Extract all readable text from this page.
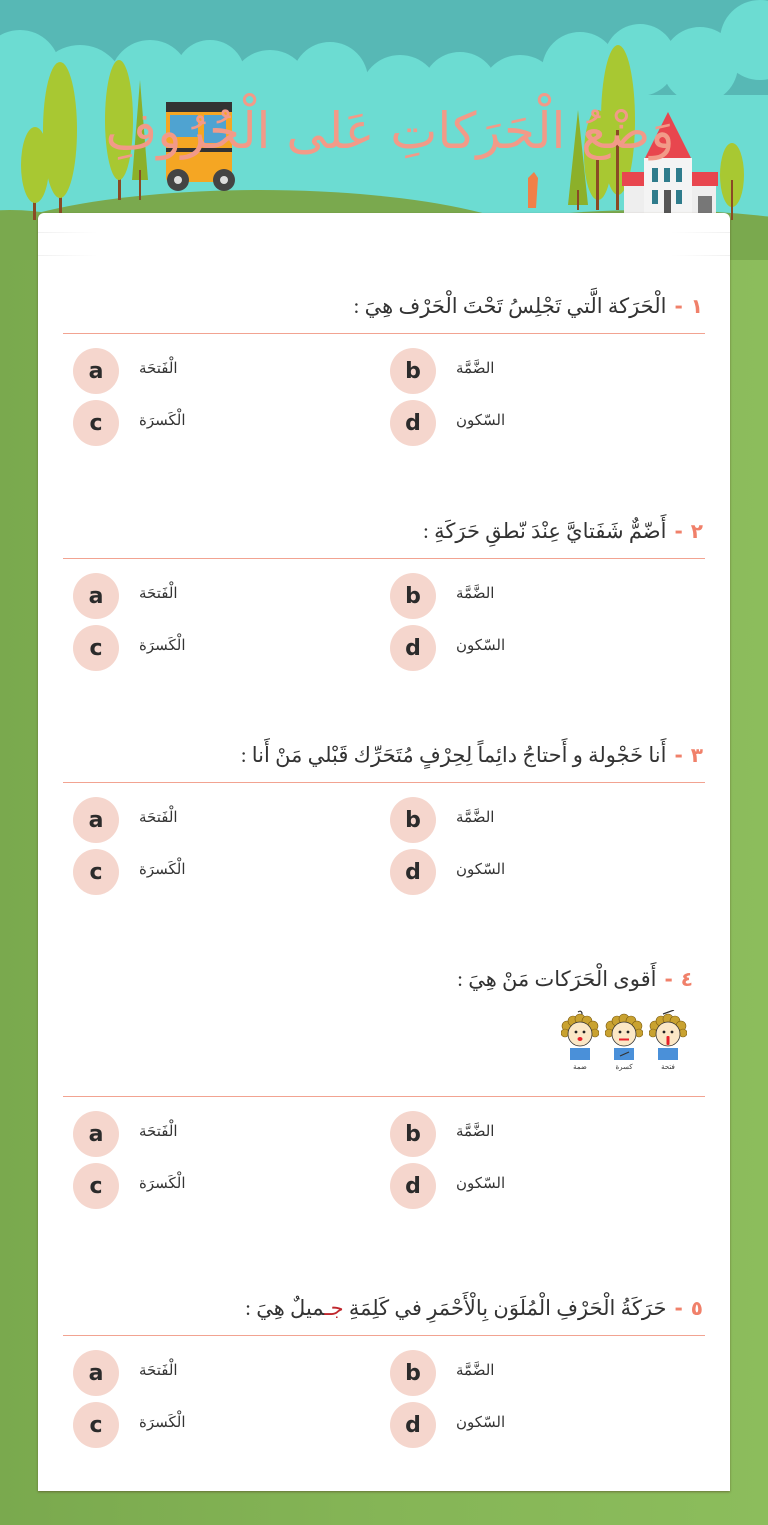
وَضْعُ الْحَرَكاتِ عَلى الْحُرُوفِ
١
-
الْحَرَكة الَّتي تَجْلِسُ تَحْتَ الْحَرْف هِيَ :
a	الْفَتحَة	b	الضَّمَّة
c	الْكَسرَة	d	السّكون
٢
-
أَضّمٌّ شَفَتايَّ عِنْدَ نّطقِ حَرَكَةِ :
a	الْفَتحَة	b	الضَّمَّة
c	الْكَسرَة	d	السّكون
٣
-
أَنا خَجْولة و أَحتاجُ دائِماً لِحِرْفٍ مُتَحَرِّك قَبْلي مَنْ أَنا :
a	الْفَتحَة	b	الضَّمَّة
c	الْكَسرَة	d	السّكون
٤
-
أَقوى الْحَرَكات مَنْ هِيَ :
ضمة	كسرة	فتحة
a	الْفَتحَة	b	الضَّمَّة
c	الْكَسرَة	d	السّكون
٥
-
حَرَكَةُ الْحَرْفِ الْمُلَوَن بِالْأَحْمَرِ في كَلِمَةِ جـميلٌ هِيَ :
a	الْفَتحَة	b	الضَّمَّة
c	الْكَسرَة	d	السّكون
